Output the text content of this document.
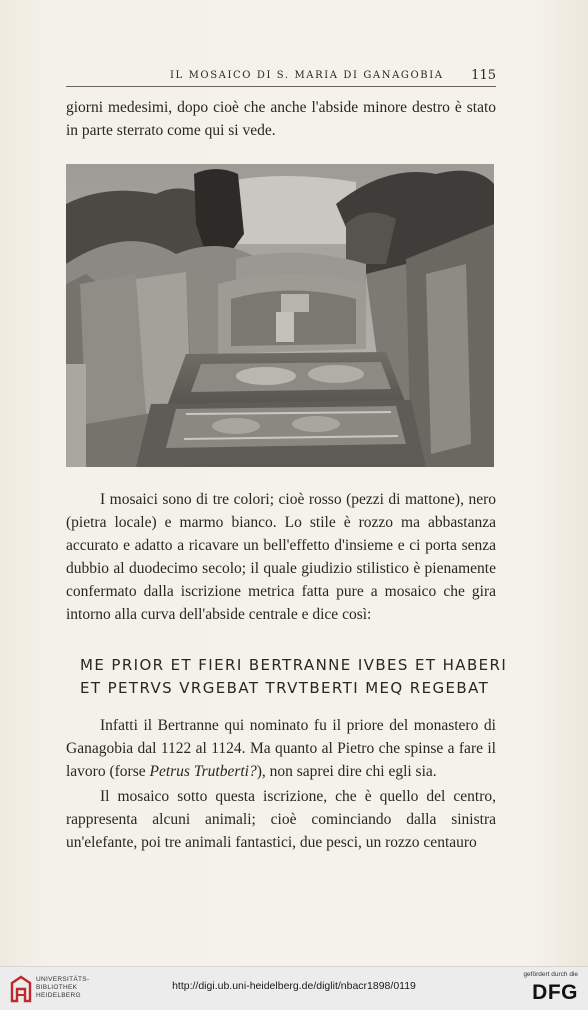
IL MOSAICO DI S. MARIA DI GANAGOBIA 115

giorni medesimi, dopo cioè che anche l'abside minore destro è stato in parte sterrato come qui si vede.

I mosaici sono di tre colori; cioè rosso (pezzi di mattone), nero (pietra locale) e marmo bianco. Lo stile è rozzo ma abbastanza accurato e adatto a ricavare un bell'effetto d'insieme e ci porta senza dubbio al duodecimo secolo; il quale giudizio stilistico è pienamente confermato dalla iscrizione metrica fatta pure a mosaico che gira intorno alla curva dell'abside centrale e dice così:

ME PRIOR ET FIERI BERTRANNE IVBES ET HABERI
ET PETRVS VRGEBAT TRVTBERTI MEQ REGEBAT

Infatti il Bertranne qui nominato fu il priore del monastero di Ganagobia dal 1122 al 1124. Ma quanto al Pietro che spinse a fare il lavoro (forse Petrus Trutberti?), non saprei dire chi egli sia.

Il mosaico sotto questa iscrizione, che è quello del centro, rappresenta alcuni animali; cioè cominciando dalla sinistra un'elefante, poi tre animali fantastici, due pesci, un rozzo centauro

UNIVERSITÄTS-
BIBLIOTHEK
HEIDELBERG
http://digi.ub.uni-heidelberg.de/diglit/nbacr1898/0119
gefördert durch die
DFG
